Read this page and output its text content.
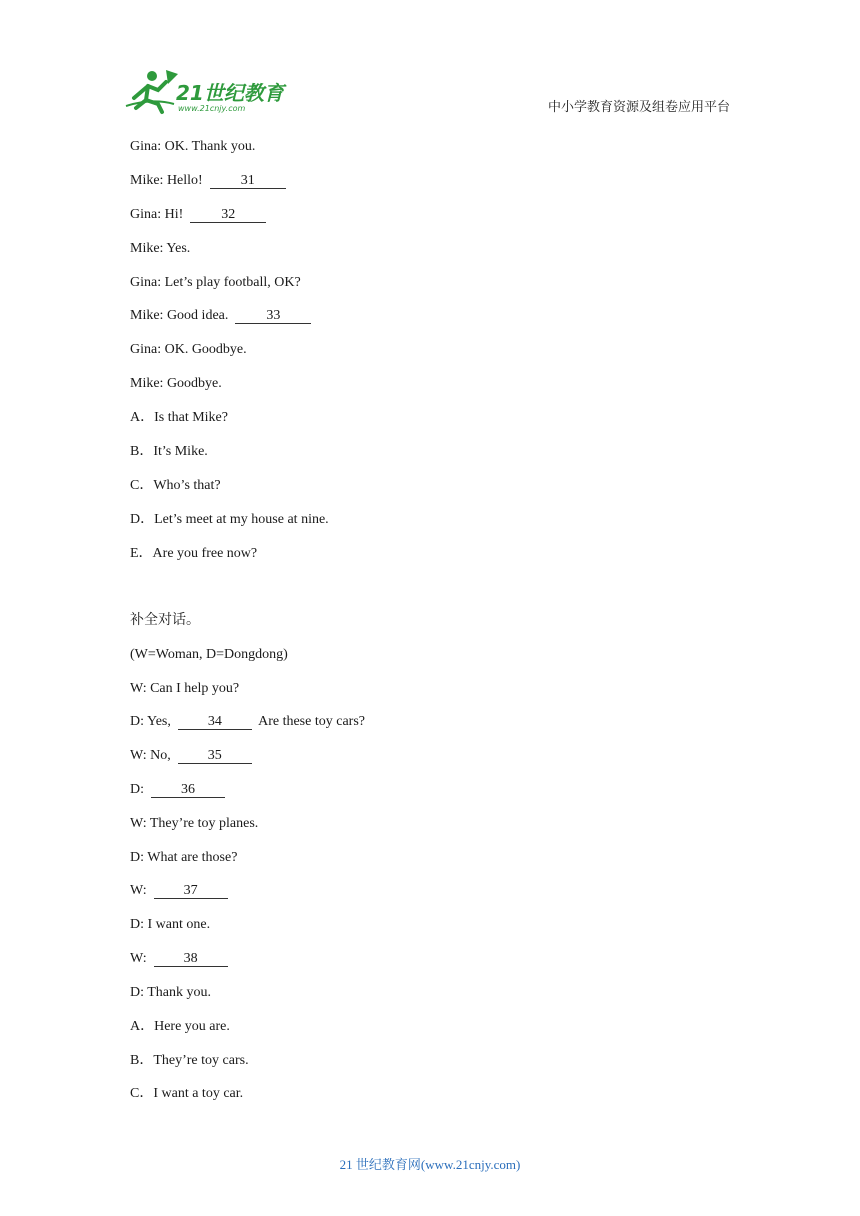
21世纪教育
www.21cnjy.com	中小学教育资源及组卷应用平台
Gina: OK. Thank you.
Mike: Hello!  31
Gina: Hi!  32
Mike: Yes.
Gina: Let’s play football, OK?
Mike: Good idea.  33
Gina: OK. Goodbye.
Mike: Goodbye.
A．Is that Mike?
B．It’s Mike.
C．Who’s that?
D．Let’s meet at my house at nine.
E．Are you free now?
补全对话。
(W=Woman, D=Dongdong)
W: Can I help you?
D: Yes,  34  Are these toy cars?
W: No,  35
D:  36
W: They’re toy planes.
D: What are those?
W:  37
D: I want one.
W:  38
D: Thank you.
A．Here you are.
B．They’re toy cars.
C．I want a toy car.
21 世纪教育网(www.21cnjy.com)
